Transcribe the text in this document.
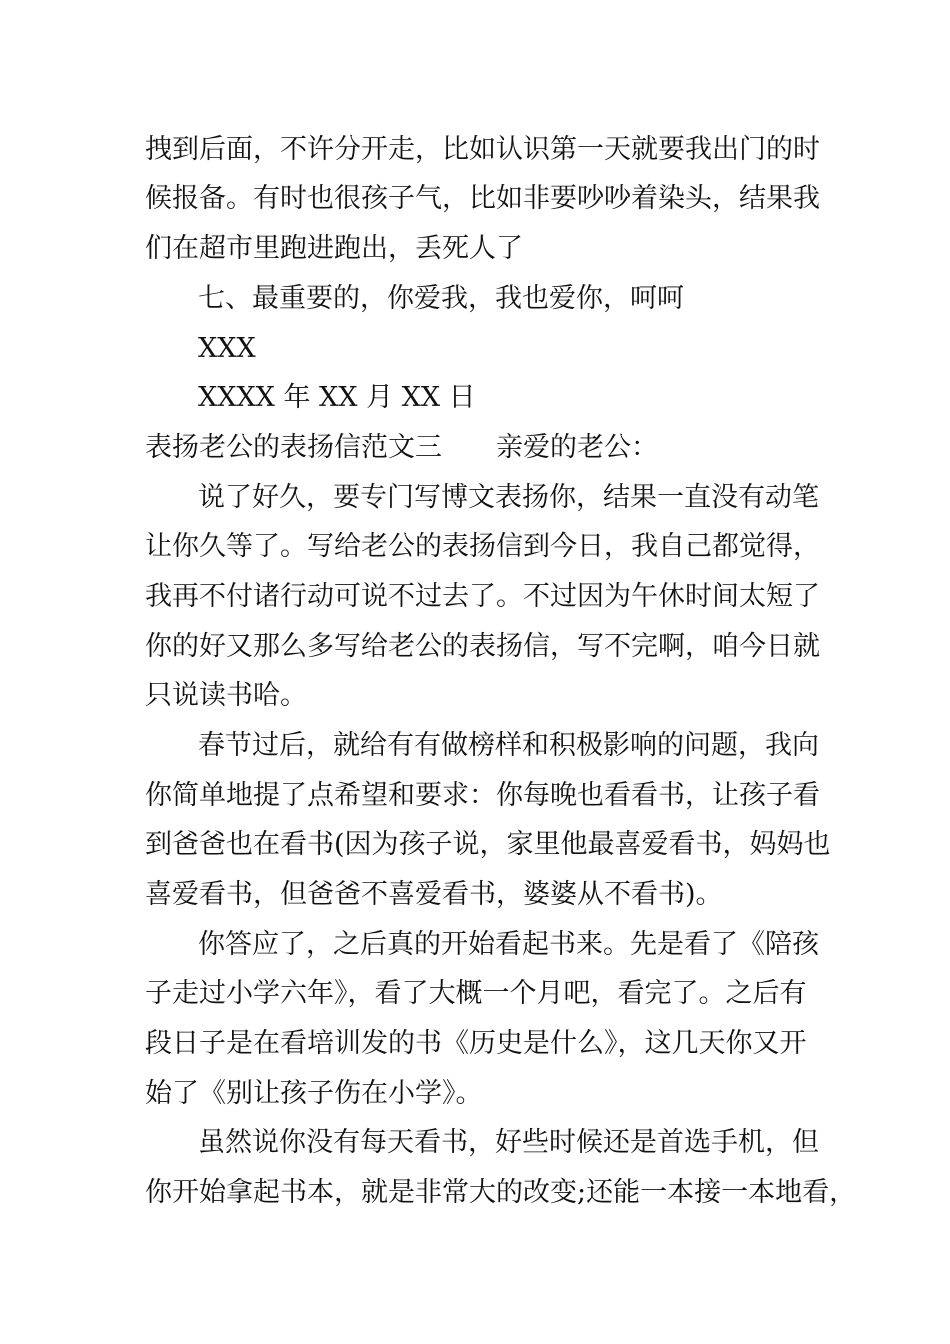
拽到后面，不许分开走，比如认识第一天就要我出门的时
候报备。有时也很孩子气，比如非要吵吵着染头，结果我
们在超市里跑进跑出，丢死人了
七、最重要的，你爱我，我也爱你，呵呵
XXX
XXXX 年 XX 月 XX 日
表扬老公的表扬信范文三　　亲爱的老公：
说了好久，要专门写博文表扬你，结果一直没有动笔
让你久等了。写给老公的表扬信到今日，我自己都觉得，
我再不付诸行动可说不过去了。不过因为午休时间太短了
你的好又那么多写给老公的表扬信，写不完啊，咱今日就
只说读书哈。
春节过后，就给有有做榜样和积极影响的问题，我向
你简单地提了点希望和要求：你每晚也看看书，让孩子看
到爸爸也在看书(因为孩子说，家里他最喜爱看书，妈妈也
喜爱看书，但爸爸不喜爱看书，婆婆从不看书)。
你答应了，之后真的开始看起书来。先是看了《陪孩
子走过小学六年》，看了大概一个月吧，看完了。之后有
段日子是在看培训发的书《历史是什么》，这几天你又开
始了《别让孩子伤在小学》。
虽然说你没有每天看书，好些时候还是首选手机，但
你开始拿起书本，就是非常大的改变;还能一本接一本地看，
